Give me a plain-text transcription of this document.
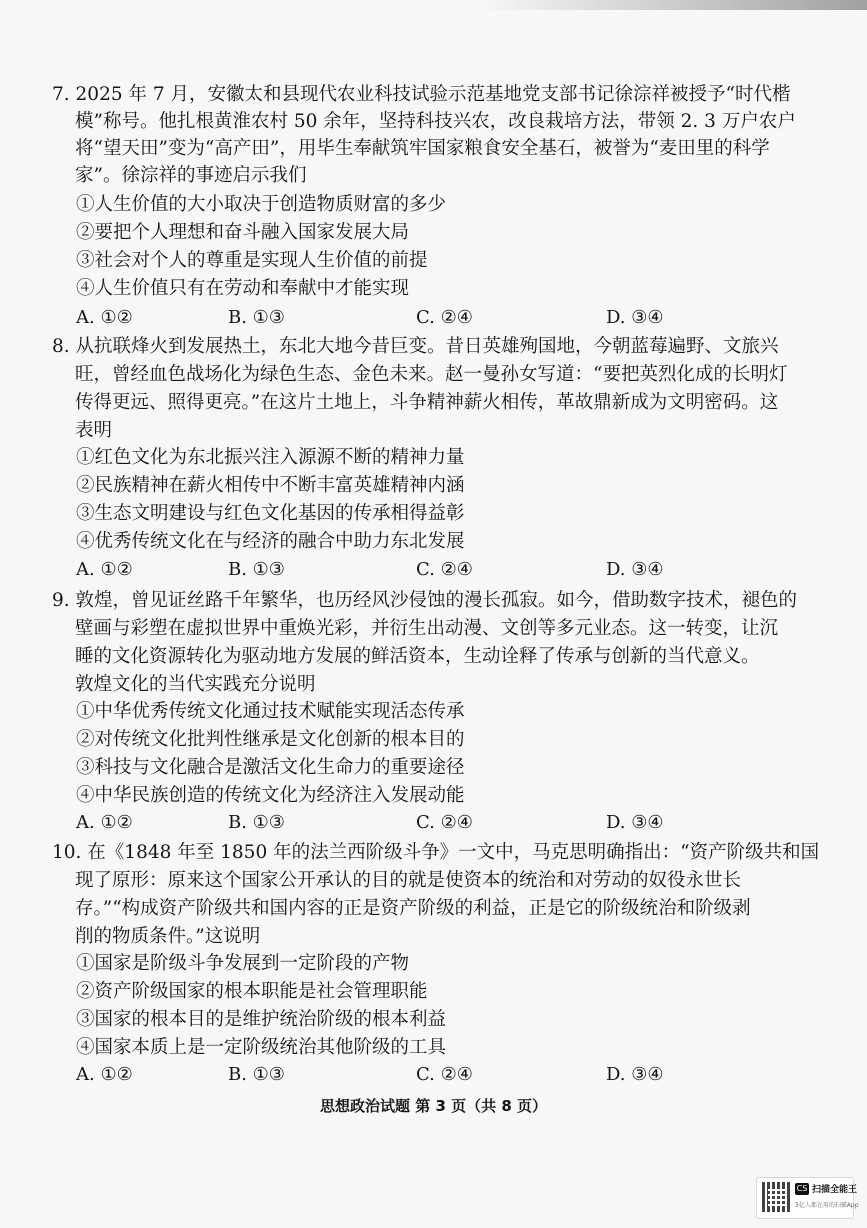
7. 2025 年 7 月，安徽太和县现代农业科技试验示范基地党支部书记徐淙祥被授予“时代楷
模”称号。他扎根黄淮农村 50 余年，坚持科技兴农，改良栽培方法，带领 2. 3 万户农户
将“望天田”变为“高产田”，用毕生奉献筑牢国家粮食安全基石，被誉为“麦田里的科学
家”。徐淙祥的事迹启示我们
①人生价值的大小取决于创造物质财富的多少
②要把个人理想和奋斗融入国家发展大局
③社会对个人的尊重是实现人生价值的前提
④人生价值只有在劳动和奉献中才能实现
A. ①②	B. ①③	C. ②④	D. ③④
8. 从抗联烽火到发展热土，东北大地今昔巨变。昔日英雄殉国地，今朝蓝莓遍野、文旅兴
旺，曾经血色战场化为绿色生态、金色未来。赵一曼孙女写道：“要把英烈化成的长明灯
传得更远、照得更亮。”在这片土地上，斗争精神薪火相传，革故鼎新成为文明密码。这
表明
①红色文化为东北振兴注入源源不断的精神力量
②民族精神在薪火相传中不断丰富英雄精神内涵
③生态文明建设与红色文化基因的传承相得益彰
④优秀传统文化在与经济的融合中助力东北发展
A. ①②	B. ①③	C. ②④	D. ③④
9. 敦煌，曾见证丝路千年繁华，也历经风沙侵蚀的漫长孤寂。如今，借助数字技术，褪色的
壁画与彩塑在虚拟世界中重焕光彩，并衍生出动漫、文创等多元业态。这一转变，让沉
睡的文化资源转化为驱动地方发展的鲜活资本，生动诠释了传承与创新的当代意义。
敦煌文化的当代实践充分说明
①中华优秀传统文化通过技术赋能实现活态传承
②对传统文化批判性继承是文化创新的根本目的
③科技与文化融合是激活文化生命力的重要途径
④中华民族创造的传统文化为经济注入发展动能
A. ①②	B. ①③	C. ②④	D. ③④
10. 在《1848 年至 1850 年的法兰西阶级斗争》一文中，马克思明确指出：“资产阶级共和国
现了原形：原来这个国家公开承认的目的就是使资本的统治和对劳动的奴役永世长
存。”“构成资产阶级共和国内容的正是资产阶级的利益，正是它的阶级统治和阶级剥
削的物质条件。”这说明
①国家是阶级斗争发展到一定阶段的产物
②资产阶级国家的根本职能是社会管理职能
③国家的根本目的是维护统治阶级的根本利益
④国家本质上是一定阶级统治其他阶级的工具
A. ①②	B. ①③	C. ②④	D. ③④
思想政治试题 第 3 页（共 8 页）
CS 扫描全能王
3亿人都在用的扫描App
